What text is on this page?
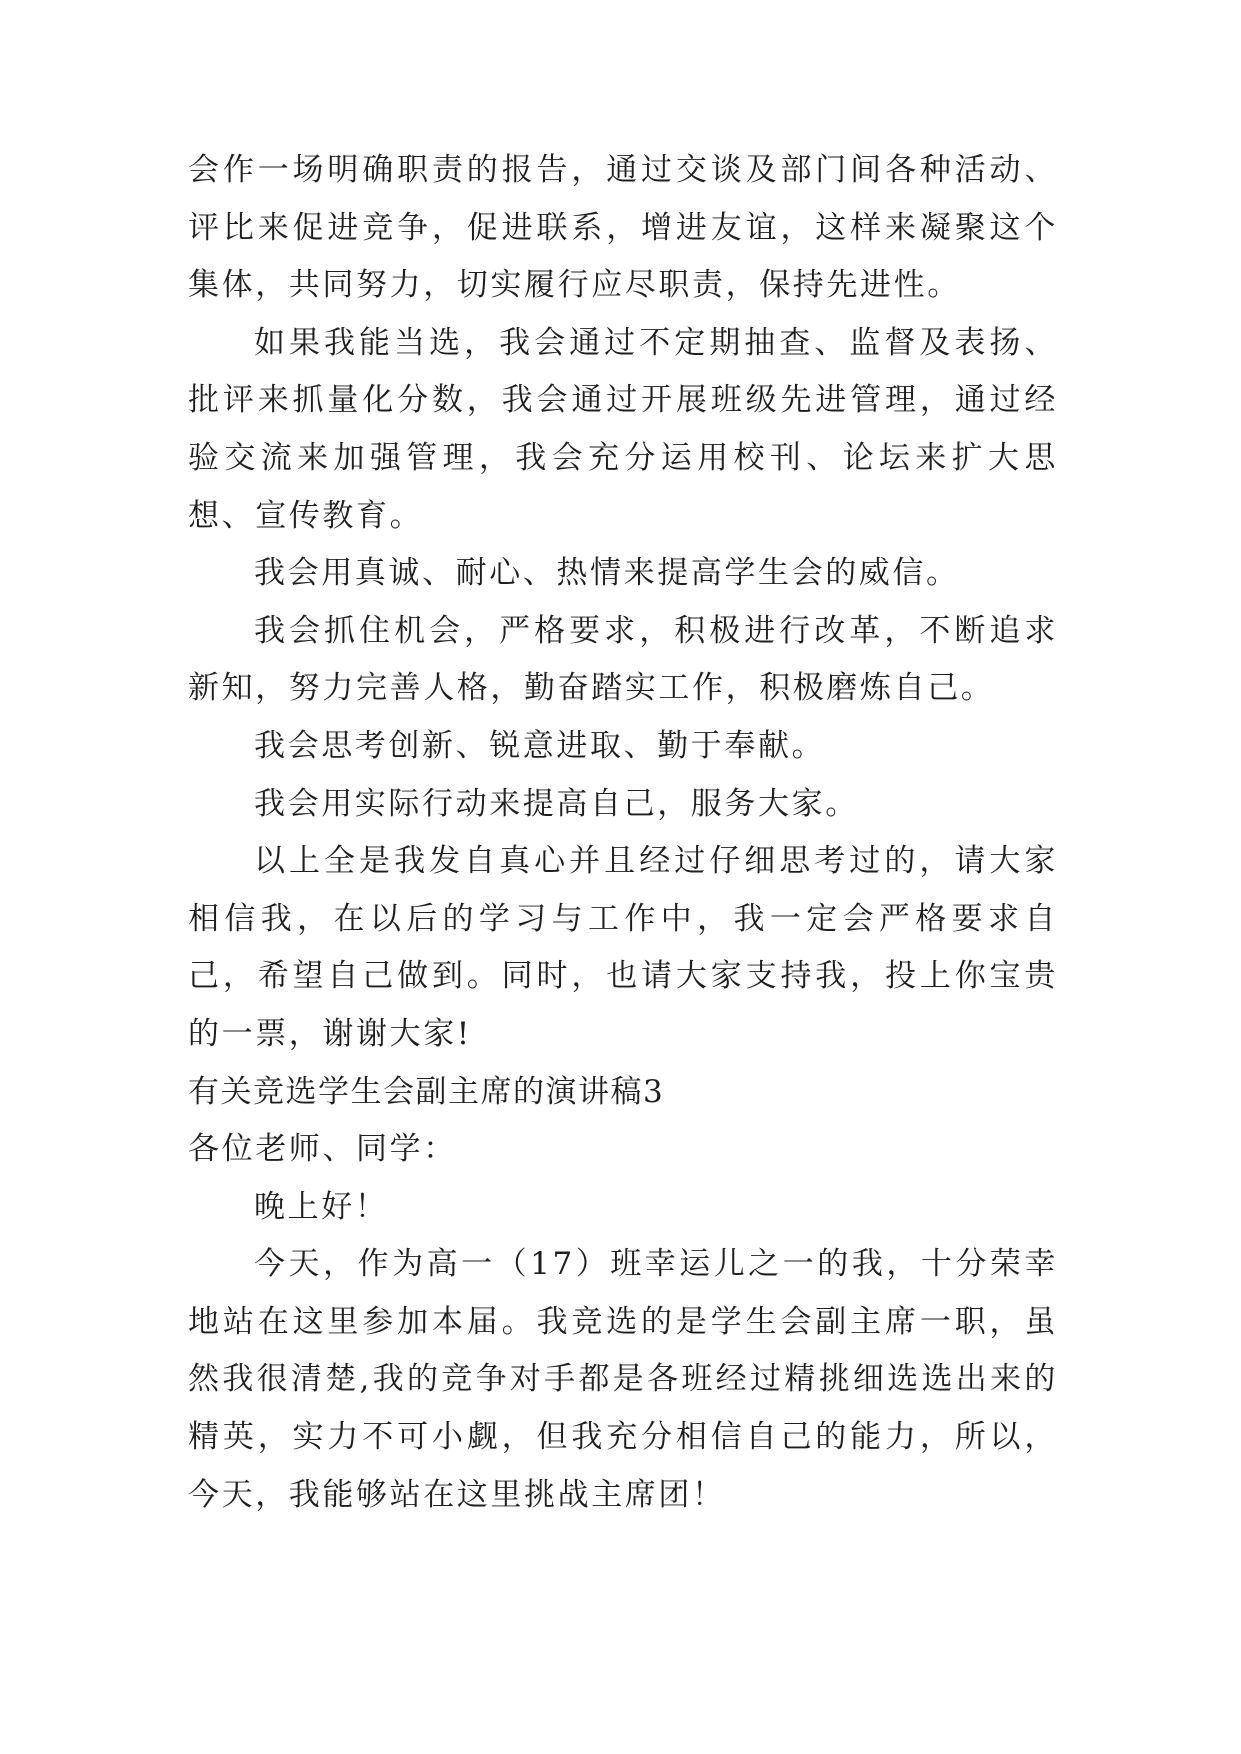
会作一场明确职责的报告，通过交谈及部门间各种活动、评比来促进竞争，促进联系，增进友谊，这样来凝聚这个集体，共同努力，切实履行应尽职责，保持先进性。

如果我能当选，我会通过不定期抽查、监督及表扬、批评来抓量化分数，我会通过开展班级先进管理，通过经验交流来加强管理，我会充分运用校刊、论坛来扩大思想、宣传教育。

我会用真诚、耐心、热情来提高学生会的威信。

我会抓住机会，严格要求，积极进行改革，不断追求新知，努力完善人格，勤奋踏实工作，积极磨炼自己。

我会思考创新、锐意进取、勤于奉献。

我会用实际行动来提高自己，服务大家。

以上全是我发自真心并且经过仔细思考过的，请大家相信我，在以后的学习与工作中，我一定会严格要求自己，希望自己做到。同时，也请大家支持我，投上你宝贵的一票，谢谢大家!

有关竞选学生会副主席的演讲稿3

各位老师、同学：

晚上好！

今天，作为高一（17）班幸运儿之一的我，十分荣幸地站在这里参加本届。我竞选的是学生会副主席一职，虽然我很清楚,我的竞争对手都是各班经过精挑细选选出来的精英，实力不可小觑，但我充分相信自己的能力，所以，今天，我能够站在这里挑战主席团！
